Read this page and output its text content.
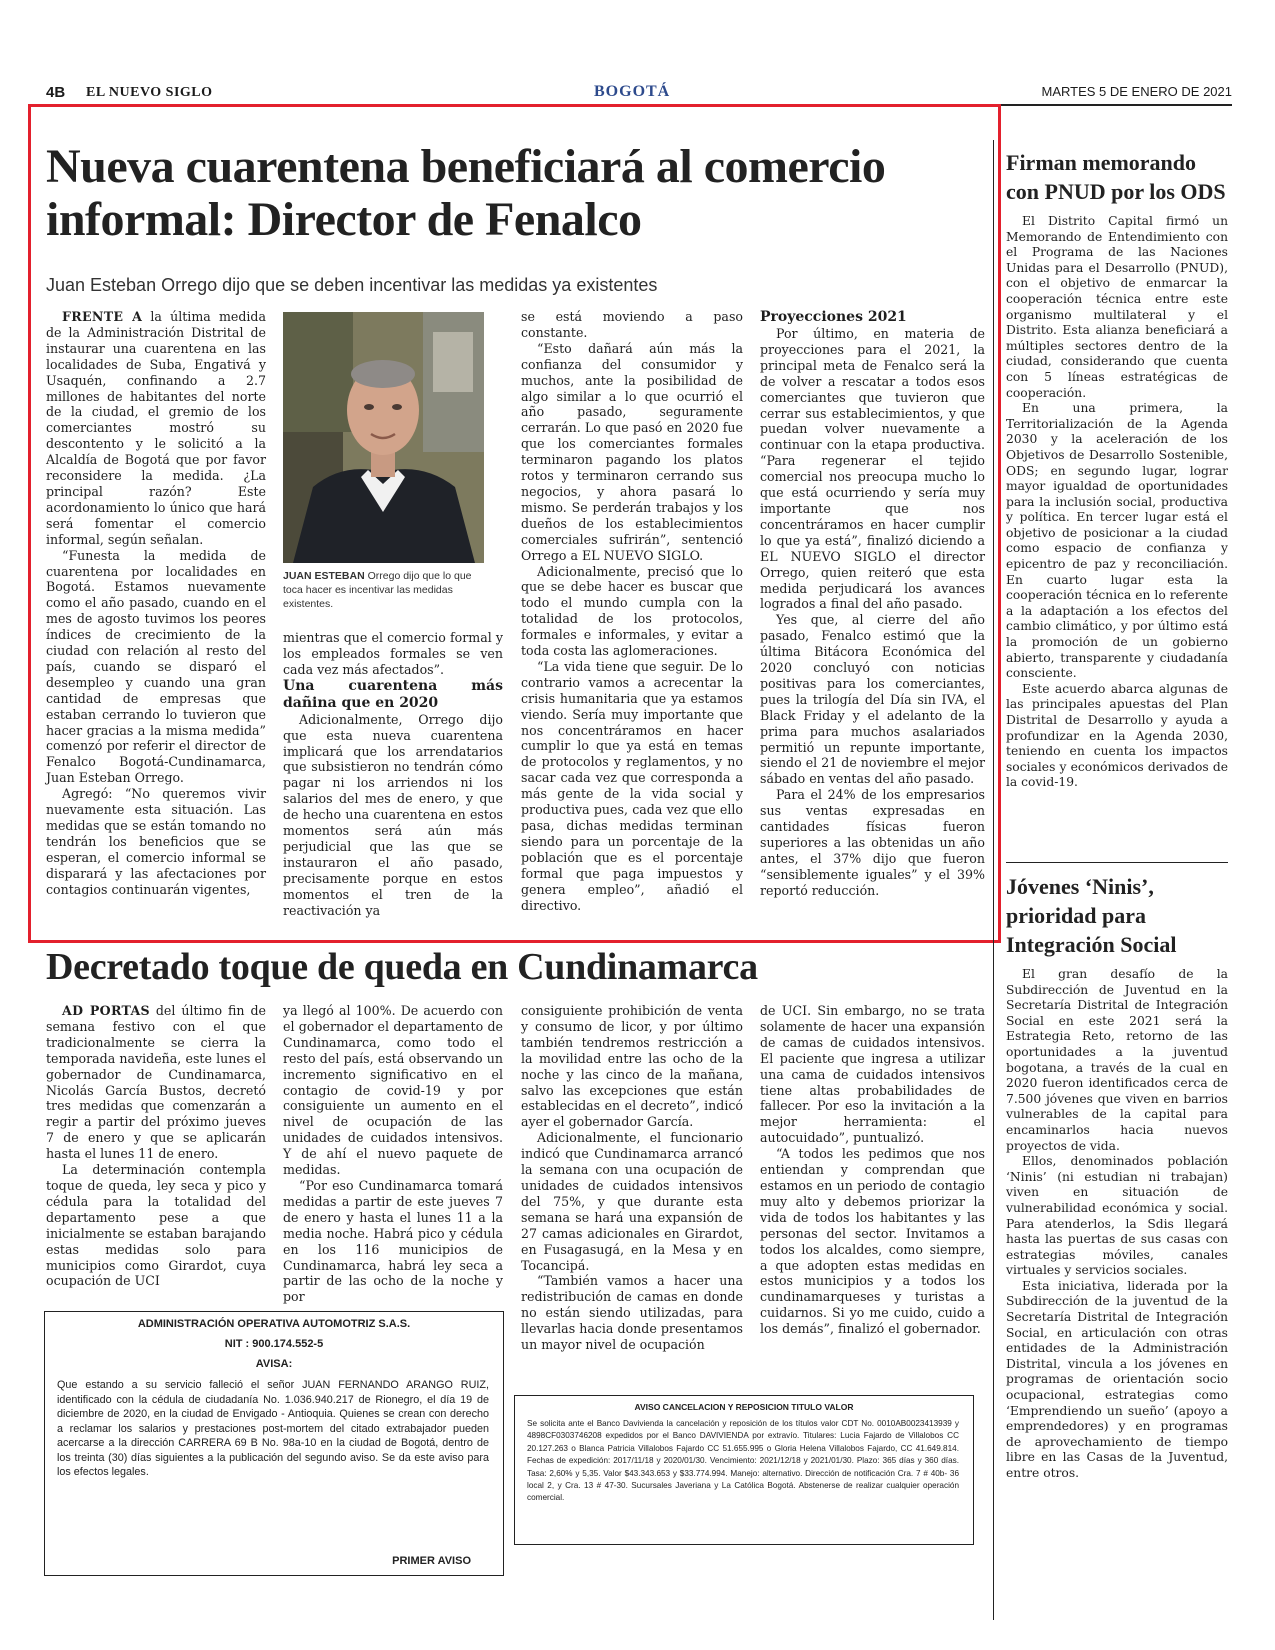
4B EL NUEVO SIGLO	BOGOTÁ	MARTES 5 DE ENERO DE 2021
Nueva cuarentena beneficiará al comercio informal: Director de Fenalco
Juan Esteban Orrego dijo que se deben incentivar las medidas ya existentes

FRENTE A la última medida de la Administración Distrital de instaurar una cuarentena en las localidades de Suba, Engativá y Usaquén, confinando a 2.7 millones de habitantes del norte de la ciudad, el gremio de los comerciantes mostró su descontento y le solicitó a la Alcaldía de Bogotá que por favor reconsidere la medida. ¿La principal razón? Este acordonamiento lo único que hará será fomentar el comercio informal, según señalan.

“Funesta la medida de cuarentena por localidades en Bogotá. Estamos nuevamente como el año pasado, cuando en el mes de agosto tuvimos los peores índices de crecimiento de la ciudad con relación al resto del país, cuando se disparó el desempleo y cuando una gran cantidad de empresas que estaban cerrando lo tuvieron que hacer gracias a la misma medida” comenzó por referir el director de Fenalco Bogotá-Cundinamarca, Juan Esteban Orrego.

Agregó: “No queremos vivir nuevamente esta situación. Las medidas que se están tomando no tendrán los beneficios que se esperan, el comercio informal se disparará y las afectaciones por contagios continuarán vigentes,

JUAN ESTEBAN Orrego dijo que lo que toca hacer es incentivar las medidas existentes.

mientras que el comercio formal y los empleados formales se ven cada vez más afectados”.

Una cuarentena más dañina que en 2020

Adicionalmente, Orrego dijo que esta nueva cuarentena implicará que los arrendatarios que subsistieron no tendrán cómo pagar ni los arriendos ni los salarios del mes de enero, y que de hecho una cuarentena en estos momentos será aún más perjudicial que las que se instauraron el año pasado, precisamente porque en estos momentos el tren de la reactivación ya

se está moviendo a paso constante.

“Esto dañará aún más la confianza del consumidor y muchos, ante la posibilidad de algo similar a lo que ocurrió el año pasado, seguramente cerrarán. Lo que pasó en 2020 fue que los comerciantes formales terminaron pagando los platos rotos y terminaron cerrando sus negocios, y ahora pasará lo mismo. Se perderán trabajos y los dueños de los establecimientos comerciales sufrirán”, sentenció Orrego a EL NUEVO SIGLO.

Adicionalmente, precisó que lo que se debe hacer es buscar que todo el mundo cumpla con la totalidad de los protocolos, formales e informales, y evitar a toda costa las aglomeraciones.

“La vida tiene que seguir. De lo contrario vamos a acrecentar la crisis humanitaria que ya estamos viendo. Sería muy importante que nos concentráramos en hacer cumplir lo que ya está en temas de protocolos y reglamentos, y no sacar cada vez que corresponda a más gente de la vida social y productiva pues, cada vez que ello pasa, dichas medidas terminan siendo para un porcentaje de la población que es el porcentaje formal que paga impuestos y genera empleo”, añadió el directivo.

Proyecciones 2021

Por último, en materia de proyecciones para el 2021, la principal meta de Fenalco será la de volver a rescatar a todos esos comerciantes que tuvieron que cerrar sus establecimientos, y que puedan volver nuevamente a continuar con la etapa productiva. “Para regenerar el tejido comercial nos preocupa mucho lo que está ocurriendo y sería muy importante que nos concentráramos en hacer cumplir lo que ya está”, finalizó diciendo a EL NUEVO SIGLO el director Orrego, quien reiteró que esta medida perjudicará los avances logrados a final del año pasado.

Yes que, al cierre del año pasado, Fenalco estimó que la última Bitácora Económica del 2020 concluyó con noticias positivas para los comerciantes, pues la trilogía del Día sin IVA, el Black Friday y el adelanto de la prima para muchos asalariados permitió un repunte importante, siendo el 21 de noviembre el mejor sábado en ventas del año pasado.

Para el 24% de los empresarios sus ventas expresadas en cantidades físicas fueron superiores a las obtenidas un año antes, el 37% dijo que fueron “sensiblemente iguales” y el 39% reportó reducción.

Firman memorando con PNUD por los ODS

El Distrito Capital firmó un Memorando de Entendimiento con el Programa de las Naciones Unidas para el Desarrollo (PNUD), con el objetivo de enmarcar la cooperación técnica entre este organismo multilateral y el Distrito. Esta alianza beneficiará a múltiples sectores dentro de la ciudad, considerando que cuenta con 5 líneas estratégicas de cooperación.

En una primera, la Territorialización de la Agenda 2030 y la aceleración de los Objetivos de Desarrollo Sostenible, ODS; en segundo lugar, lograr mayor igualdad de oportunidades para la inclusión social, productiva y política. En tercer lugar está el objetivo de posicionar a la ciudad como espacio de confianza y epicentro de paz y reconciliación. En cuarto lugar esta la cooperación técnica en lo referente a la adaptación a los efectos del cambio climático, y por último está la promoción de un gobierno abierto, transparente y ciudadanía consciente.

Este acuerdo abarca algunas de las principales apuestas del Plan Distrital de Desarrollo y ayuda a profundizar en la Agenda 2030, teniendo en cuenta los impactos sociales y económicos derivados de la covid-19.

Jóvenes ‘Ninis’, prioridad para Integración Social

El gran desafío de la Subdirección de Juventud en la Secretaría Distrital de Integración Social en este 2021 será la Estrategia Reto, retorno de las oportunidades a la juventud bogotana, a través de la cual en 2020 fueron identificados cerca de 7.500 jóvenes que viven en barrios vulnerables de la capital para encaminarlos hacia nuevos proyectos de vida.

Ellos, denominados población ‘Ninis’ (ni estudian ni trabajan) viven en situación de vulnerabilidad económica y social. Para atenderlos, la Sdis llegará hasta las puertas de sus casas con estrategias móviles, canales virtuales y servicios sociales.

Esta iniciativa, liderada por la Subdirección de la juventud de la Secretaría Distrital de Integración Social, en articulación con otras entidades de la Administración Distrital, vincula a los jóvenes en programas de orientación socio ocupacional, estrategias como ‘Emprendiendo un sueño’ (apoyo a emprendedores) y en programas de aprovechamiento de tiempo libre en las Casas de la Juventud, entre otros.

Decretado toque de queda en Cundinamarca

AD PORTAS del último fin de semana festivo con el que tradicionalmente se cierra la temporada navideña, este lunes el gobernador de Cundinamarca, Nicolás García Bustos, decretó tres medidas que comenzarán a regir a partir del próximo jueves 7 de enero y que se aplicarán hasta el lunes 11 de enero.

La determinación contempla toque de queda, ley seca y pico y cédula para la totalidad del departamento pese a que inicialmente se estaban barajando estas medidas solo para municipios como Girardot, cuya ocupación de UCI

ya llegó al 100%. De acuerdo con el gobernador el departamento de Cundinamarca, como todo el resto del país, está observando un incremento significativo en el contagio de covid-19 y por consiguiente un aumento en el nivel de ocupación de las unidades de cuidados intensivos. Y de ahí el nuevo paquete de medidas.

“Por eso Cundinamarca tomará medidas a partir de este jueves 7 de enero y hasta el lunes 11 a la media noche. Habrá pico y cédula en los 116 municipios de Cundinamarca, habrá ley seca a partir de las ocho de la noche y por

consiguiente prohibición de venta y consumo de licor, y por último también tendremos restricción a la movilidad entre las ocho de la noche y las cinco de la mañana, salvo las excepciones que están establecidas en el decreto”, indicó ayer el gobernador García.

Adicionalmente, el funcionario indicó que Cundinamarca arrancó la semana con una ocupación de unidades de cuidados intensivos del 75%, y que durante esta semana se hará una expansión de 27 camas adicionales en Girardot, en Fusagasugá, en la Mesa y en Tocancipá.

“También vamos a hacer una redistribución de camas en donde no están siendo utilizadas, para llevarlas hacia donde presentamos un mayor nivel de ocupación

de UCI. Sin embargo, no se trata solamente de hacer una expansión de camas de cuidados intensivos. El paciente que ingresa a utilizar una cama de cuidados intensivos tiene altas probabilidades de fallecer. Por eso la invitación a la mejor herramienta: el autocuidado”, puntualizó.

“A todos les pedimos que nos entiendan y comprendan que estamos en un periodo de contagio muy alto y debemos priorizar la vida de todos los habitantes y las personas del sector. Invitamos a todos los alcaldes, como siempre, a que adopten estas medidas en estos municipios y a todos los cundinamarqueses y turistas a cuidarnos. Si yo me cuido, cuido a los demás”, finalizó el gobernador.

ADMINISTRACIÓN OPERATIVA AUTOMOTRIZ S.A.S.
NIT : 900.174.552-5
AVISA:
Que estando a su servicio falleció el señor JUAN FERNANDO ARANGO RUIZ, identificado con la cédula de ciudadanía No. 1.036.940.217 de Rionegro, el día 19 de diciembre de 2020, en la ciudad de Envigado - Antioquia. Quienes se crean con derecho a reclamar los salarios y prestaciones post-mortem del citado extrabajador pueden acercarse a la dirección CARRERA 69 B No. 98a-10 en la ciudad de Bogotá, dentro de los treinta (30) días siguientes a la publicación del segundo aviso. Se da este aviso para los efectos legales.
PRIMER AVISO
AVISO CANCELACION Y REPOSICION TITULO VALOR
Se solicita ante el Banco Davivienda la cancelación y reposición de los títulos valor CDT No. 0010AB00234139​39 y 4898CF0303746208 expedidos por el Banco DAVIVIENDA por extravío. Titulares: Lucia Fajardo de Villalobos CC 20.127.263 o Blanca Patricia Villalobos Fajardo CC 51.655.995 o Gloria Helena Villalobos Fajardo, CC 41.649.814. Fechas de expedición: 2017/11/18 y 2020/01/30. Vencimiento: 2021/12/18 y 2021/01/30. Plazo: 365 días y 360 días. Tasa: 2,60% y 5,35. Valor $43.343.653 y $33.774.994. Manejo: alternativo. Dirección de notificación Cra. 7 # 40b- 36 local 2, y Cra. 13 # 47-30. Sucursales Javeriana y La Católica Bogotá. Abstenerse de realizar cualquier operación comercial.
